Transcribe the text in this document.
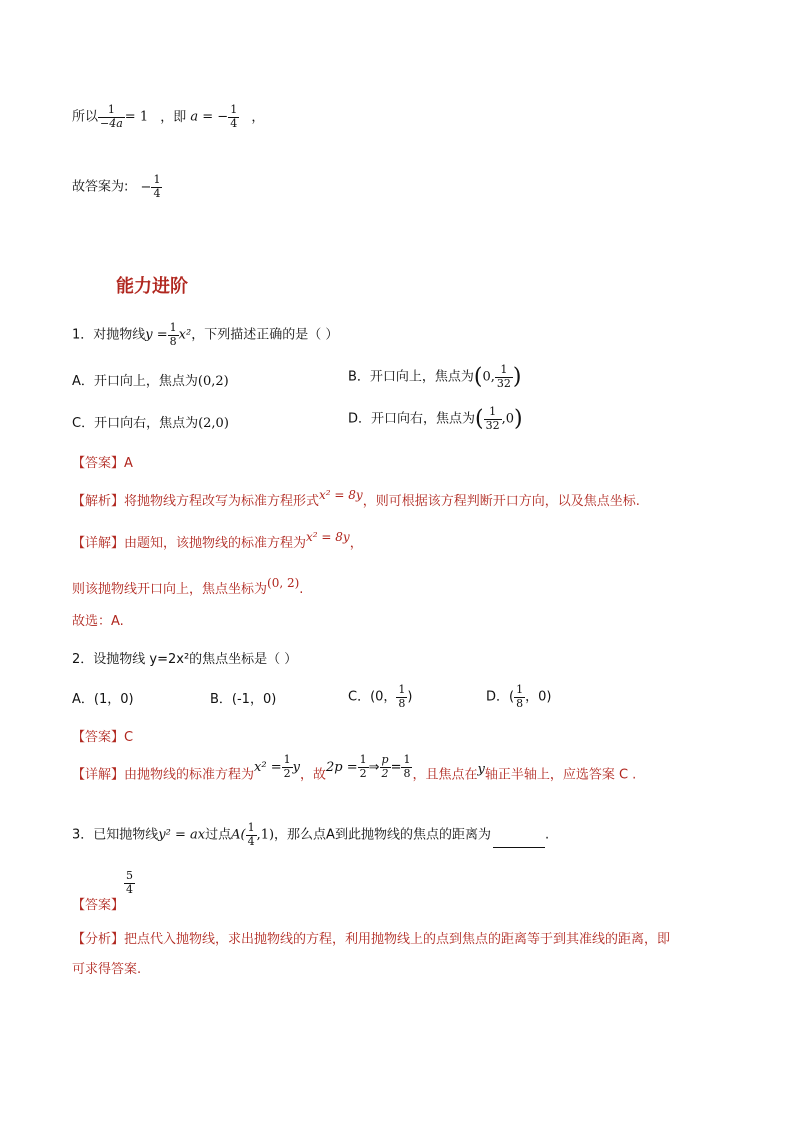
所以 $\frac{1}{-4a} = 1$ ，即 a = − $\frac{1}{4}$ ，
故答案为: − $\frac{1}{4}$
能力进阶
1．对抛物线$y = \frac{1}{8} x^2$，下列描述正确的是（ ）
A．开口向上，焦点为(0,2)	B．开口向上，焦点为(0, $\frac{1}{32}$ )
C．开口向右，焦点为(2,0)	D．开口向右，焦点为( $\frac{1}{32} ,0$)
【答案】A
【解析】将抛物线方程改写为标准方程形式x² = 8y，则可根据该方程判断开口方向，以及焦点坐标.
【详解】由题知，该抛物线的标准方程为x² = 8y，
则该抛物线开口向上，焦点坐标为(0, 2).
故选：A.
2．设抛物线 y=2x²的焦点坐标是（ ）
A．(1，0)	B．(-1，0)	C．(0， $\frac{1}{8}$ )	D．( $\frac{1}{8}$ ，0)
【答案】C
【详解】由抛物线的标准方程为$x^2 = \frac{1}{2}$ y，故$2p = \frac{1}{2}$ ⇒ $\frac{p}{2} = \frac{1}{8}$ ，且焦点在y轴正半轴上，应选答案 C .
3．已知抛物线y² = ax过点$A( \frac{1}{4} ,1)$，那么点A到此抛物线的焦点的距离为	.
【答案】
$\frac{5}{4}$
【分析】把点代入抛物线，求出抛物线的方程，利用抛物线上的点到焦点的距离等于到其准线的距离，即
可求得答案.
